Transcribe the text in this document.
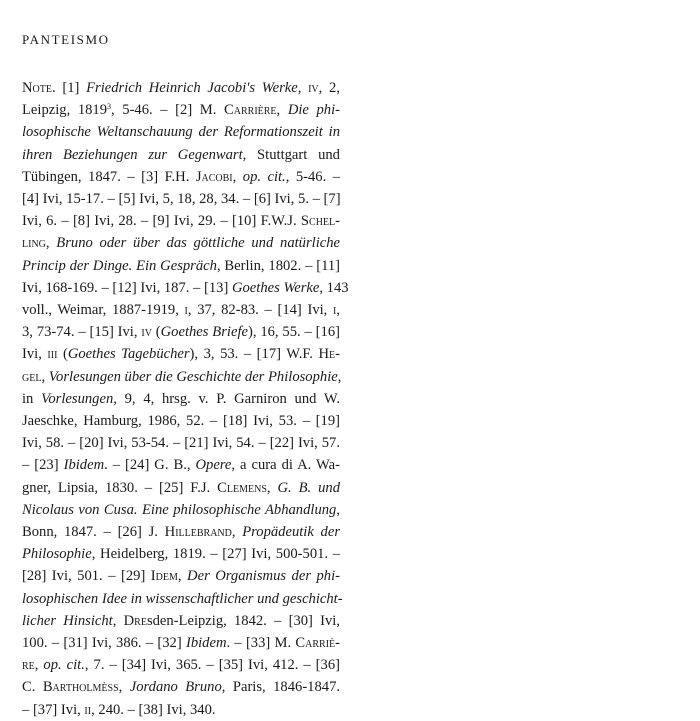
PANTEISMO
Note. [1] Friedrich Heinrich Jacobi's Werke, iv, 2,
Leipzig, 1819$^3$, 5-46. – [2] M. Carrière, Die phi-
losophische Weltanschauung der Reformationszeit in
ihren Beziehungen zur Gegenwart, Stuttgart und
Tübingen, 1847. – [3] F.H. Jacobi, op. cit., 5-46. –
[4] Ivi, 15-17. – [5] Ivi, 5, 18, 28, 34. – [6] Ivi, 5. – [7]
Ivi, 6. – [8] Ivi, 28. – [9] Ivi, 29. – [10] F.W.J. Schel-
ling, Bruno oder über das göttliche und natürliche
Princip der Dinge. Ein Gespräch, Berlin, 1802. – [11]
Ivi, 168-169. – [12] Ivi, 187. – [13] Goethes Werke, 143
voll., Weimar, 1887-1919, i, 37, 82-83. – [14] Ivi, i,
3, 73-74. – [15] Ivi, iv (Goethes Briefe), 16, 55. – [16]
Ivi, iii (Goethes Tagebücher), 3, 53. – [17] W.F. He-
gel, Vorlesungen über die Geschichte der Philosophie,
in Vorlesungen, 9, 4, hrsg. v. P. Garniron und W.
Jaeschke, Hamburg, 1986, 52. – [18] Ivi, 53. – [19]
Ivi, 58. – [20] Ivi, 53-54. – [21] Ivi, 54. – [22] Ivi, 57.
– [23] Ibidem. – [24] G. B., Opere, a cura di A. Wa-
gner, Lipsia, 1830. – [25] F.J. Clemens, G. B. und
Nicolaus von Cusa. Eine philosophische Abhandlung,
Bonn, 1847. – [26] J. Hillebrand, Propädeutik der
Philosophie, Heidelberg, 1819. – [27] Ivi, 500-501. –
[28] Ivi, 501. – [29] Idem, Der Organismus der phi-
losophischen Idee in wissenschaftlicher und geschicht-
licher Hinsicht, Dresden-Leipzig, 1842. – [30] Ivi,
100. – [31] Ivi, 386. – [32] Ibidem. – [33] M. Carriè-
re, op. cit., 7. – [34] Ivi, 365. – [35] Ivi, 412. – [36]
C. Bartholmèss, Jordano Bruno, Paris, 1846-1847.
– [37] Ivi, ii, 240. – [38] Ivi, 340.
